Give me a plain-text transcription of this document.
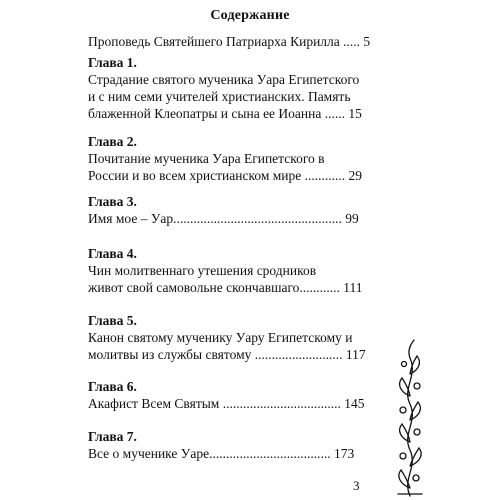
Содержание
Проповедь Святейшего Патриарха Кирилла ..... 5
Глава 1.
Страдание святого мученика Уара Египетского
и с ним семи учителей христианских. Память
блаженной Клеопатры и сына ее Иоанна ...... 15
Глава 2.
Почитание мученика Уара Египетского в
России и во всем христианском мире ............ 29
Глава 3.
Имя мое – Уар.................................................. 99
Глава 4.
Чин молитвеннаго утешения сродников
живот свой самовольне скончавшаго............ 111
Глава 5.
Канон святому мученику Уару Египетскому и
молитвы из службы святому .......................... 117
Глава 6.
Акафист Всем Святым ................................... 145
Глава 7.
Все о мученике Уаре.................................... 173
3
